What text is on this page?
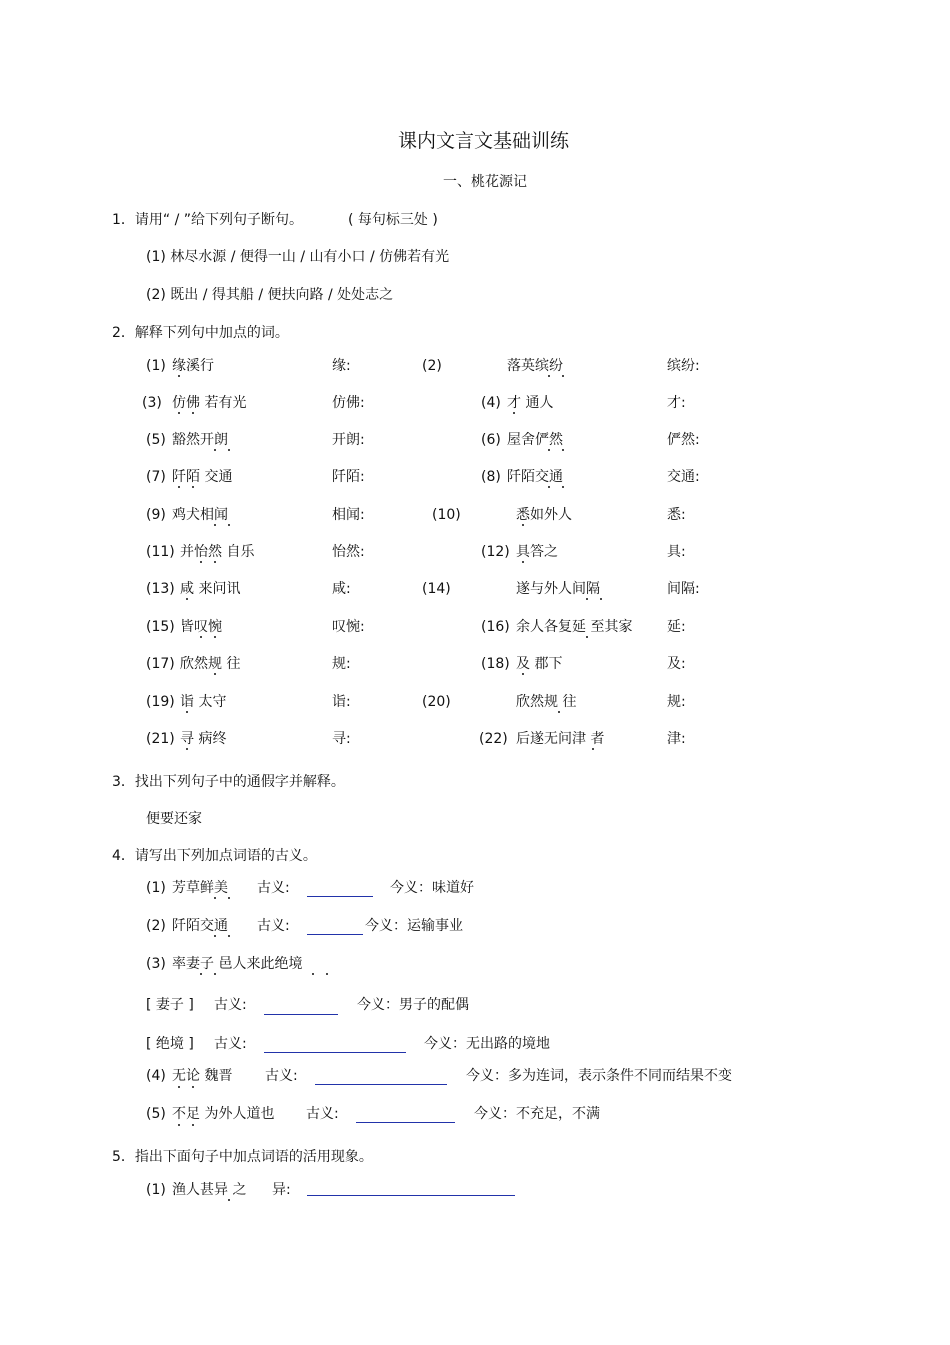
课内文言文基础训练
一、桃花源记
1．请用“ / ”给下列句子断句。	( 每句标三处 )
(1) 林尽水源 / 便得一山 / 山有小口 / 仿佛若有光
(2) 既出 / 得其船 / 便扶向路 / 处处志之
2．解释下列句中加点的词。
(1) 缘溪行	缘:	(2)	落英缤纷	缤纷:
(3) 仿佛 若有光	仿佛:	(4) 才 通人	才:
(5) 豁然开朗	开朗:	(6) 屋舍俨然	俨然:
(7) 阡陌 交通	阡陌:	(8) 阡陌交通	交通:
(9) 鸡犬相闻	相闻:	(10)	悉如外人	悉:
(11) 并怡然 自乐	怡然:	(12) 具答之	具:
(13) 咸 来问讯	咸:	(14)	遂与外人间隔	间隔:
(15) 皆叹惋	叹惋:	(16) 余人各复延 至其家 延:
(17) 欣然规 往	规:	(18) 及 郡下	及:
(19) 诣 太守	诣:	(20)	欣然规 往	规:
(21) 寻 病终	寻:	(22) 后遂无问津 者	津:
3．找出下列句子中的通假字并解释。
便要还家
4．请写出下列加点词语的古义。
(1) 芳草鲜美 古义:	今义：味道好
(2) 阡陌交通 古义:	今义：运输事业
(3) 率妻子 邑人来此绝境
[ 妻子 ] 古义:	今义：男子的配偶
[ 绝境 ] 古义:	今义：无出路的境地
(4) 无论 魏晋 古义:	今义：多为连词，表示条件不同而结果不变
(5) 不足 为外人道也 古义:	今义：不充足，不满
5．指出下面句子中加点词语的活用现象。
(1) 渔人甚异 之 异:
